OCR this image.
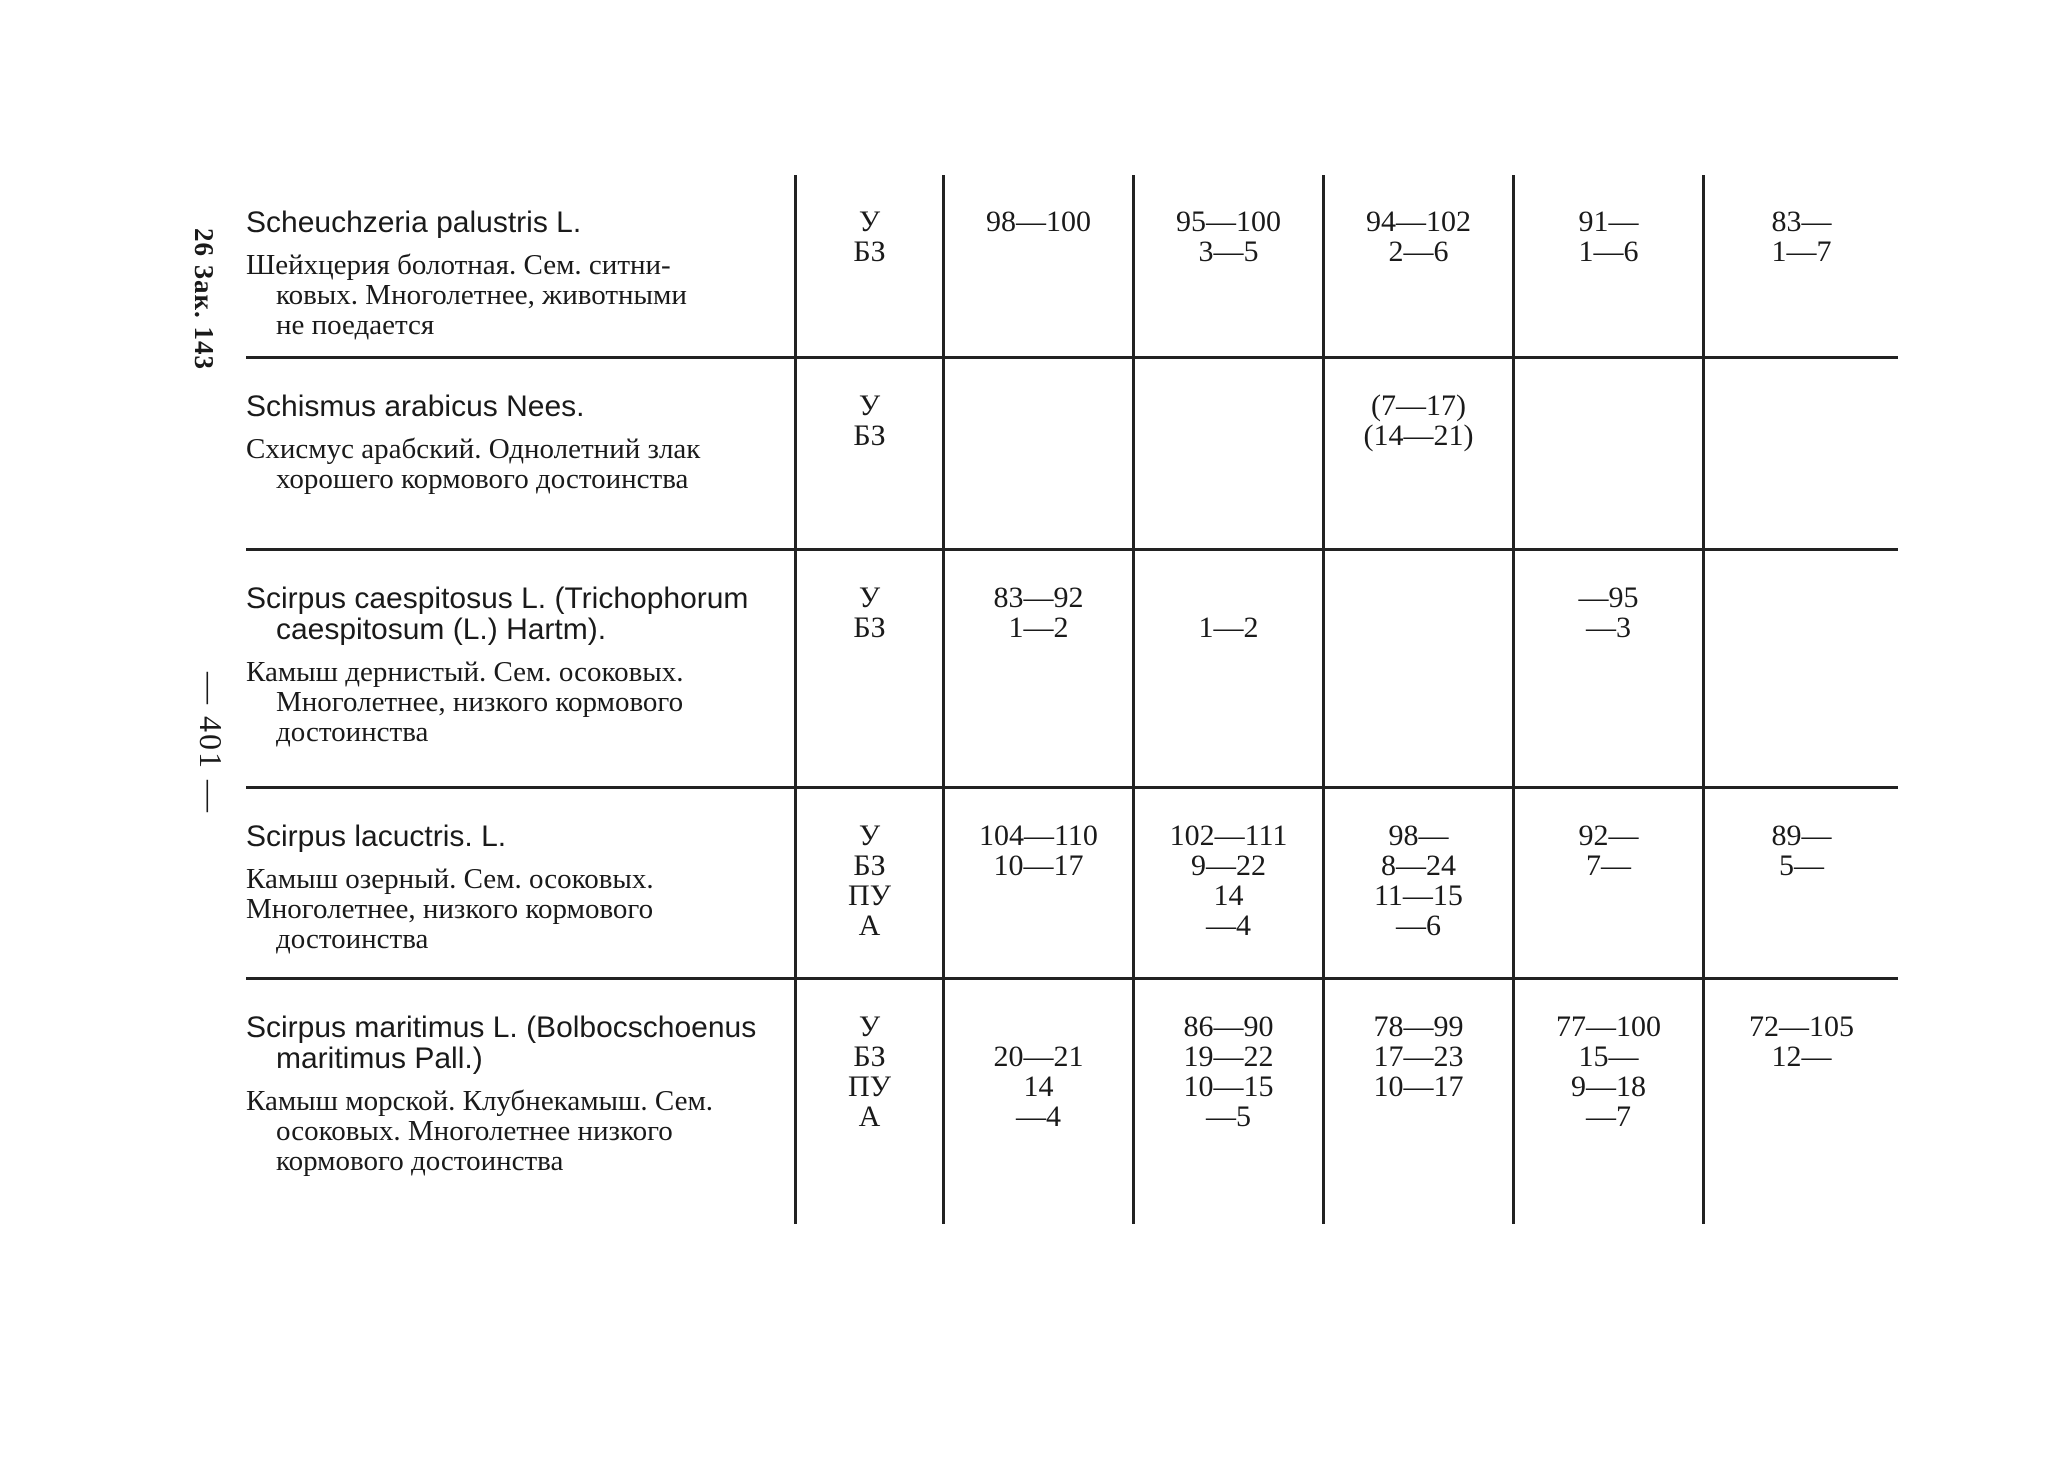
26 Зак. 143
— 401 —
Scheuchzeria palustris L.
Шейхцерия болотная. Сем. ситни-
ковых. Многолетнее, животными
не поедается
У
БЗ
98—100	95—100
3—5
94—102
2—6
91—
1—6
83—
1—7
Schismus arabicus Nees.
Схисмус арабский. Однолетний злак
хорошего кормового достоинства
У
БЗ
(7—17)
(14—21)
Scirpus caespitosus L. (Trichophorum
caespitosum (L.) Hartm).
Камыш дернистый. Сем. осоковых.
Многолетнее, низкого кормового
достоинства
У
БЗ
83—92
1—2
	1—2
—95
—3
Scirpus lacuctris. L.
Камыш озерный. Сем. осоковых.
Многолетнее, низкого кормового
достоинства
У
БЗ
ПУ
А
104—110
10—17
102—111
9—22
14
—4
98—
8—24
11—15
—6
92—
7—
89—
5—
Scirpus maritimus L. (Bolbocschoenus
maritimus Pall.)
Камыш морской. Клубнекамыш. Сем.
осоковых. Многолетнее низкого
кормового достоинства
У
БЗ
ПУ
А

20—21
14
—4
86—90
19—22
10—15
—5
78—99
17—23
10—17
77—100
15—
9—18
—7
72—105
12—
